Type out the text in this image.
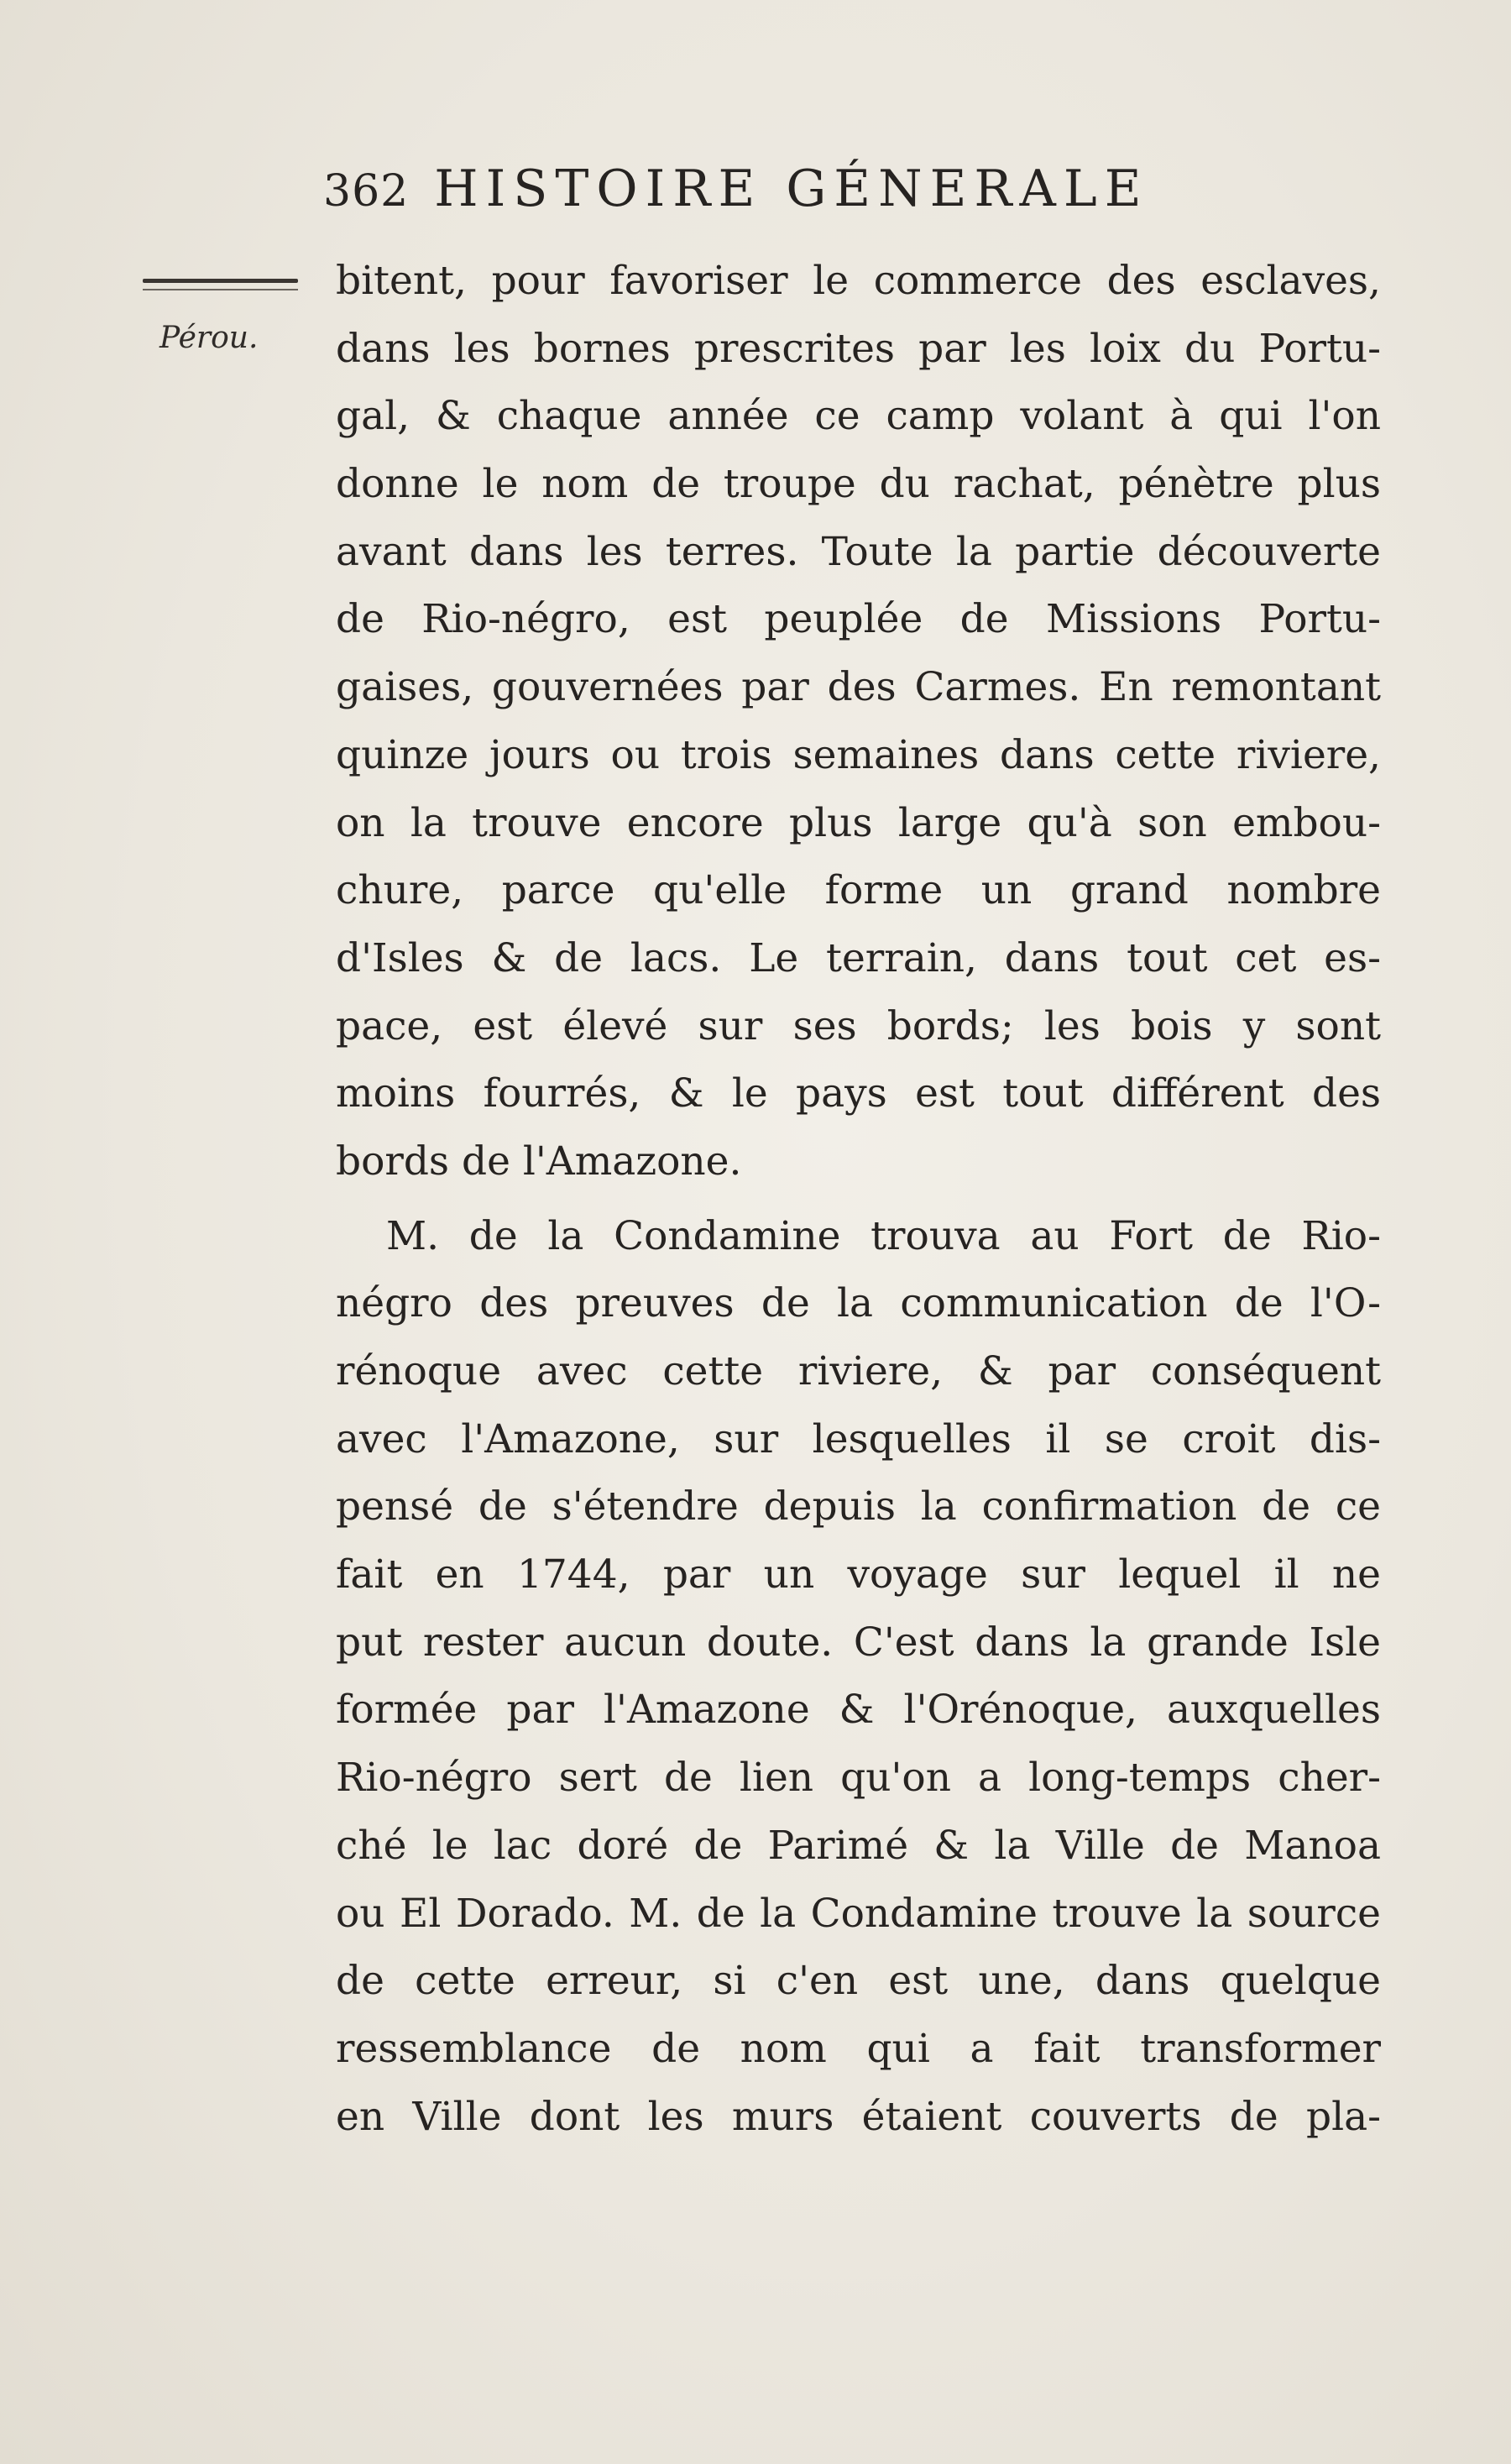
362 HISTOIRE GÉNERALE
Pérou.
bitent, pour favoriser le commerce des esclaves,
dans les bornes prescrites par les loix du Portu-
gal, & chaque année ce camp volant à qui l'on
donne le nom de troupe du rachat, pénètre plus
avant dans les terres. Toute la partie découverte
de Rio-négro, est peuplée de Missions Portu-
gaises, gouvernées par des Carmes. En remontant
quinze jours ou trois semaines dans cette riviere,
on la trouve encore plus large qu'à son embou-
chure, parce qu'elle forme un grand nombre
d'Isles & de lacs. Le terrain, dans tout cet es-
pace, est élevé sur ses bords; les bois y sont
moins fourrés, & le pays est tout différent des
bords de l'Amazone.
M. de la Condamine trouva au Fort de Rio-
négro des preuves de la communication de l'O-
rénoque avec cette riviere, & par conséquent
avec l'Amazone, sur lesquelles il se croit dis-
pensé de s'étendre depuis la confirmation de ce
fait en 1744, par un voyage sur lequel il ne
put rester aucun doute. C'est dans la grande Isle
formée par l'Amazone & l'Orénoque, auxquelles
Rio-négro sert de lien qu'on a long-temps cher-
ché le lac doré de Parimé & la Ville de Manoa
ou El Dorado. M. de la Condamine trouve la source
de cette erreur, si c'en est une, dans quelque
ressemblance de nom qui a fait transformer
en Ville dont les murs étaient couverts de pla-
